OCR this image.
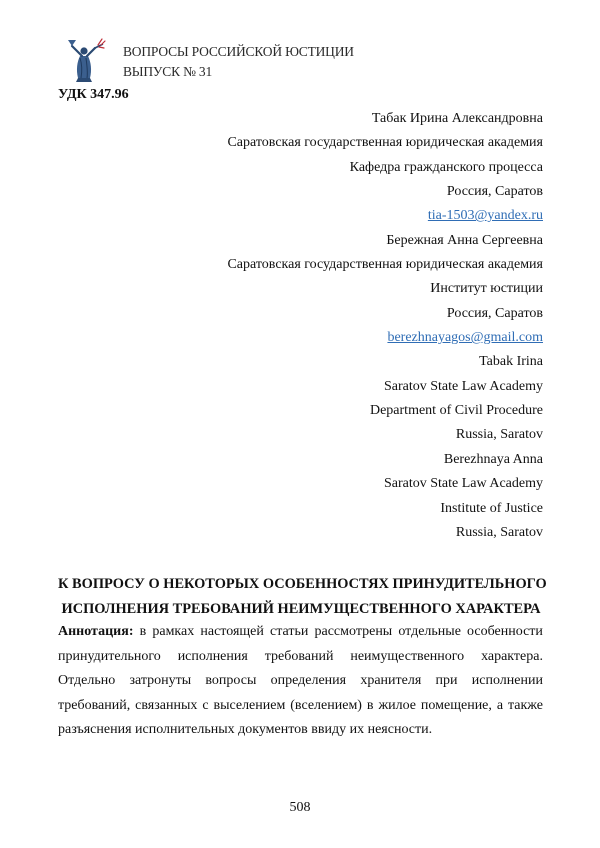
ВОПРОСЫ РОССИЙСКОЙ ЮСТИЦИИ
ВЫПУСК № 31
УДК 347.96
Табак Ирина Александровна
Саратовская государственная юридическая академия
Кафедра гражданского процесса
Россия, Саратов
tia-1503@yandex.ru
Бережная Анна Сергеевна
Саратовская государственная юридическая академия
Институт юстиции
Россия, Саратов
berezhnayagos@gmail.com
Tabak Irina
Saratov State Law Academy
Department of Civil Procedure
Russia, Saratov
Berezhnaya Anna
Saratov State Law Academy
Institute of Justice
Russia, Saratov
К ВОПРОСУ О НЕКОТОРЫХ ОСОБЕННОСТЯХ ПРИНУДИТЕЛЬНОГО
ИСПОЛНЕНИЯ ТРЕБОВАНИЙ НЕИМУЩЕСТВЕННОГО ХАРАКТЕРА
Аннотация: в рамках настоящей статьи рассмотрены отдельные особенности
принудительного исполнения требований неимущественного характера.
Отдельно затронуты вопросы определения хранителя при исполнении
требований, связанных с выселением (вселением) в жилое помещение, а также
разъяснения исполнительных документов ввиду их неясности.
508
